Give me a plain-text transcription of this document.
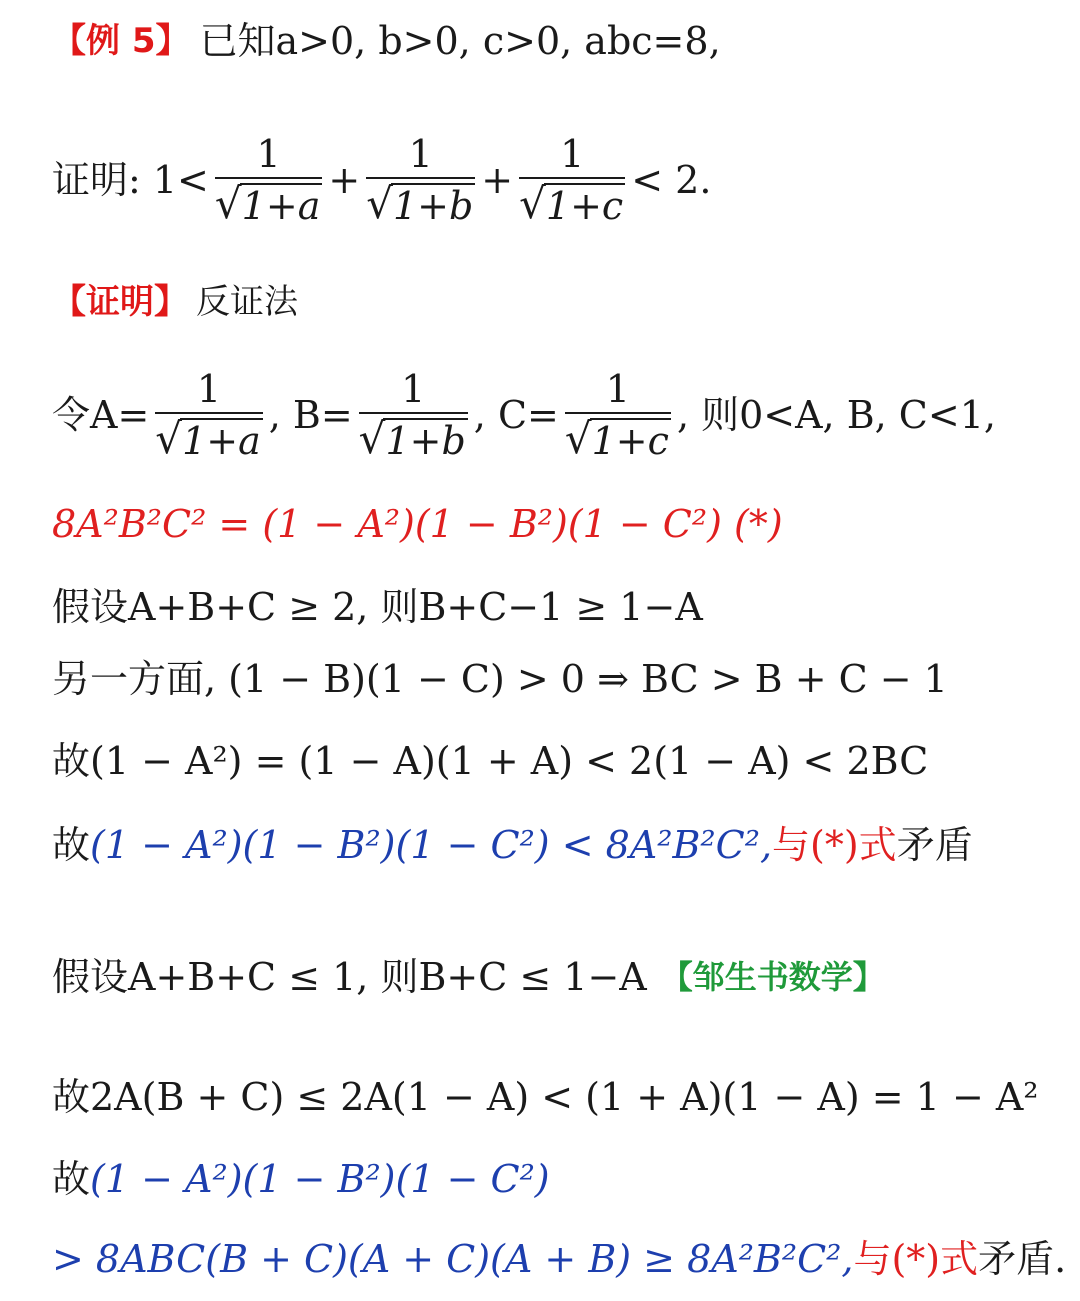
【例 5】 已知a>0, b>0, c>0, abc=8,
证明: $1< \frac{1}{√ 1+a} + \frac{1}{√ 1+b} + \frac{1}{√ 1+c} < 2$.
【证明】 反证法
令$A= \frac{1}{√ 1+a}$ , $B= \frac{1}{√ 1+b}$ , $C= \frac{1}{√ 1+c}$ , 则0<A, B, C<1,
8A²B²C² = (1 − A²)(1 − B²)(1 − C²) (*)
假设A+B+C ≥ 2, 则B+C−1 ≥ 1−A
另一方面, (1 − B)(1 − C) > 0 ⇒ BC > B + C − 1
故(1 − A²) = (1 − A)(1 + A) < 2(1 − A) < 2BC
故 (1 − A²)(1 − B²)(1 − C²) < 8A²B²C², 与(*)式 矛盾
假设A+B+C ≤ 1, 则B+C ≤ 1−A 【邹生书数学】
故2A(B + C) ≤ 2A(1 − A) < (1 + A)(1 − A) = 1 − A²
故 (1 − A²)(1 − B²)(1 − C²)
> 8ABC(B + C)(A + C)(A + B) ≥ 8A²B²C², 与(*)式 矛盾.
